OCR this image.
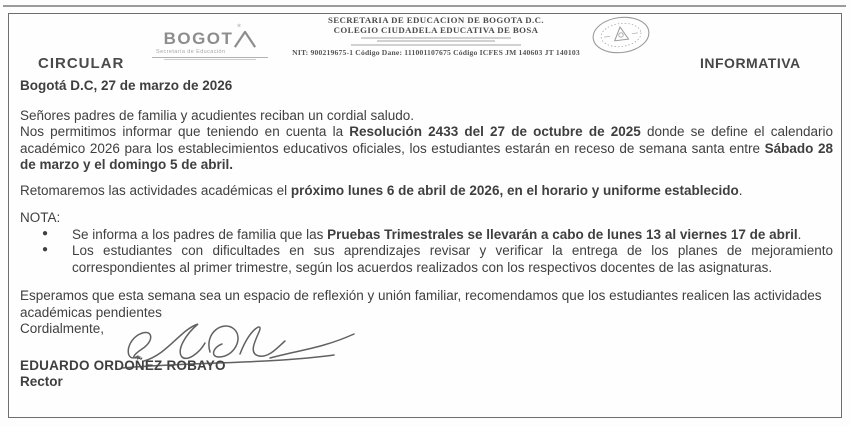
CIRCULAR	INFORMATIVA
✶
BOGOT
Secretaría de Educación
SECRETARIA DE EDUCACION DE BOGOTA D.C.
COLEGIO CIUDADELA EDUCATIVA DE BOSA
NIT: 900219675-1 Código Dane: 111001107675 Código ICFES JM 140603 JT 140103

Bogotá D.C, 27 de marzo de 2026

Señores padres de familia y acudientes reciban un cordial saludo.

Nos permitimos informar que teniendo en cuenta la Resolución 2433 del 27 de octubre de 2025 donde se define el calendario académico 2026 para los establecimientos educativos oficiales, los estudiantes estarán en receso de semana santa entre Sábado 28 de marzo y el domingo 5 de abril.

Retomaremos las actividades académicas el próximo lunes 6 de abril de 2026, en el horario y uniforme establecido.

NOTA:

● Se informa a los padres de familia que las Pruebas Trimestrales se llevarán a cabo de lunes 13 al viernes 17 de abril.
● Los estudiantes con dificultades en sus aprendizajes revisar y verificar la entrega de los planes de mejoramiento correspondientes al primer trimestre, según los acuerdos realizados con los respectivos docentes de las asignaturas.

Esperamos que esta semana sea un espacio de reflexión y unión familiar, recomendamos que los estudiantes realicen las actividades académicas pendientes

Cordialmente,

EDUARDO ORDOÑEZ ROBAYO

Rector
